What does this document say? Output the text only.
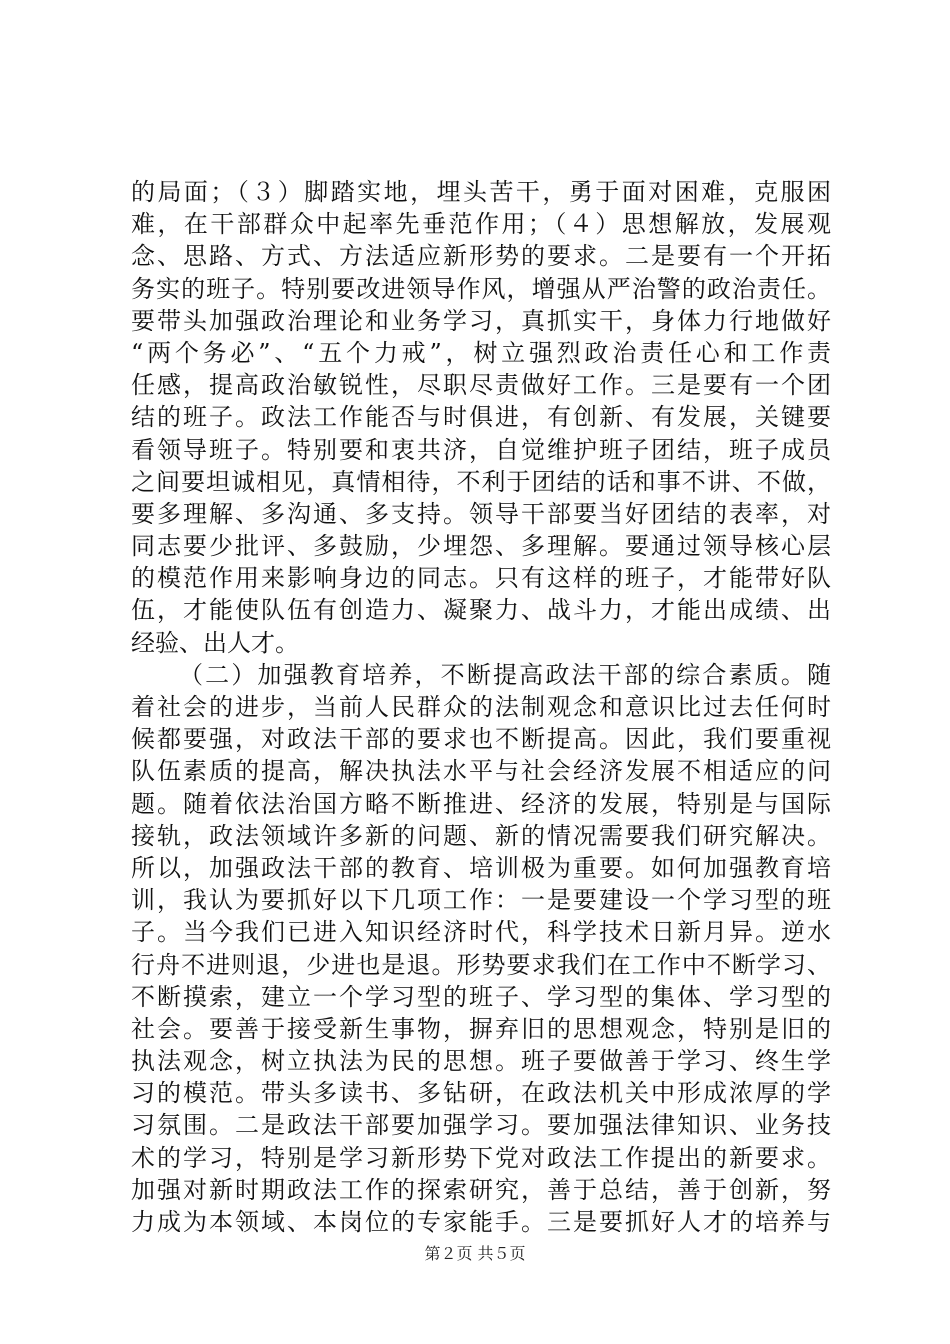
的局面；（３）脚踏实地，埋头苦干，勇于面对困难，克服困
难，在干部群众中起率先垂范作用；（４）思想解放，发展观
念、思路、方式、方法适应新形势的要求。二是要有一个开拓
务实的班子。特别要改进领导作风，增强从严治警的政治责任。
要带头加强政治理论和业务学习，真抓实干，身体力行地做好
“两个务必”、“五个力戒”，树立强烈政治责任心和工作责
任感，提高政治敏锐性，尽职尽责做好工作。三是要有一个团
结的班子。政法工作能否与时俱进，有创新、有发展，关键要
看领导班子。特别要和衷共济，自觉维护班子团结，班子成员
之间要坦诚相见，真情相待，不利于团结的话和事不讲、不做，
要多理解、多沟通、多支持。领导干部要当好团结的表率，对
同志要少批评、多鼓励，少埋怨、多理解。要通过领导核心层
的模范作用来影响身边的同志。只有这样的班子，才能带好队
伍，才能使队伍有创造力、凝聚力、战斗力，才能出成绩、出
经验、出人才。
（二）加强教育培养，不断提高政法干部的综合素质。随
着社会的进步，当前人民群众的法制观念和意识比过去任何时
候都要强，对政法干部的要求也不断提高。因此，我们要重视
队伍素质的提高，解决执法水平与社会经济发展不相适应的问
题。随着依法治国方略不断推进、经济的发展，特别是与国际
接轨，政法领域许多新的问题、新的情况需要我们研究解决。
所以，加强政法干部的教育、培训极为重要。如何加强教育培
训，我认为要抓好以下几项工作：一是要建设一个学习型的班
子。当今我们已进入知识经济时代，科学技术日新月异。逆水
行舟不进则退，少进也是退。形势要求我们在工作中不断学习、
不断摸索，建立一个学习型的班子、学习型的集体、学习型的
社会。要善于接受新生事物，摒弃旧的思想观念，特别是旧的
执法观念，树立执法为民的思想。班子要做善于学习、终生学
习的模范。带头多读书、多钻研，在政法机关中形成浓厚的学
习氛围。二是政法干部要加强学习。要加强法律知识、业务技
术的学习，特别是学习新形势下党对政法工作提出的新要求。
加强对新时期政法工作的探索研究，善于总结，善于创新，努
力成为本领域、本岗位的专家能手。三是要抓好人才的培养与
第２页 共５页
